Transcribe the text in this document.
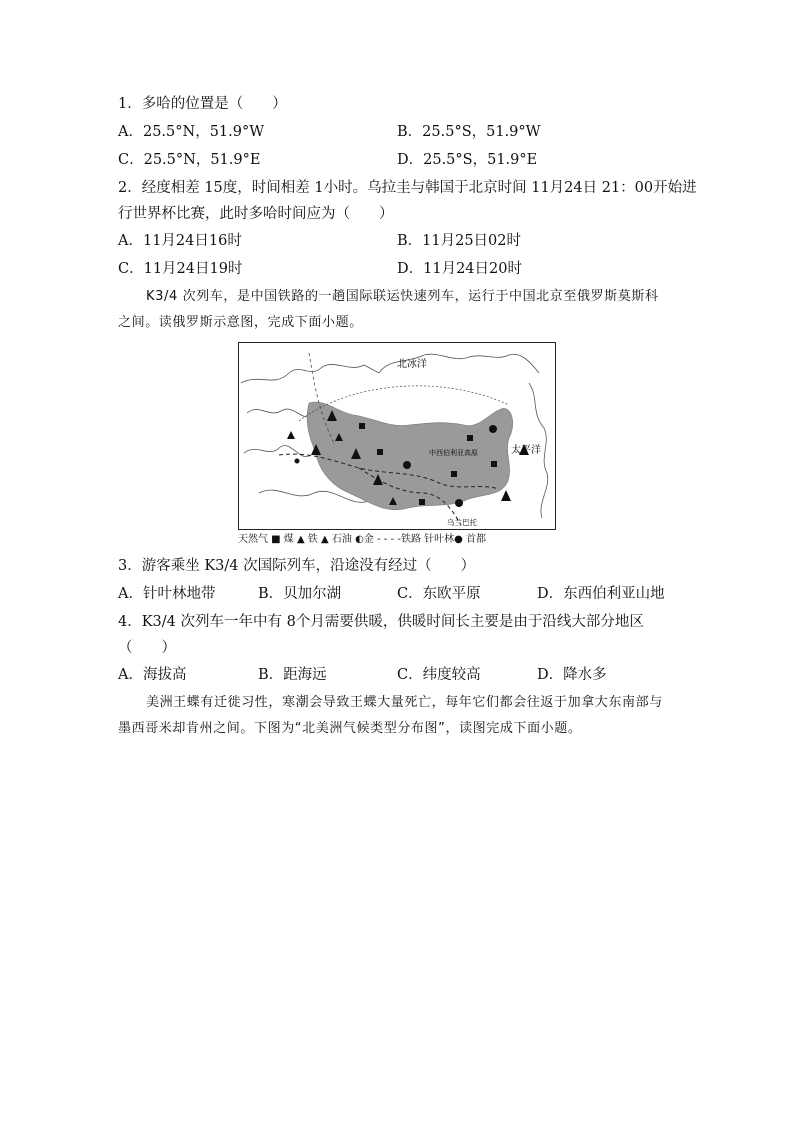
1．多哈的位置是（　　）
A．25.5°N，51.9°W	B．25.5°S，51.9°W
C．25.5°N，51.9°E	D．25.5°S，51.9°E
2．经度相差 15度，时间相差 1小时。乌拉圭与韩国于北京时间 11月24日 21：00开始进
行世界杯比赛，此时多哈时间应为（　　）
A．11月24日16时	B．11月25日02时
C．11月24日19时	D．11月24日20时
K3/4 次列车，是中国铁路的一趟国际联运快速列车，运行于中国北京至俄罗斯莫斯科
之间。读俄罗斯示意图，完成下面小题。
北冰洋
太平洋
中西伯利亚高原
乌兰巴托
天然气 ■ 煤 ▲ 铁 ▲ 石油 ◐金 - - - -铁路 针叶林● 首都
3．游客乘坐 K3/4 次国际列车，沿途没有经过（　　）
A．针叶林地带	B．贝加尔湖	C．东欧平原	D．东西伯利亚山地
4．K3/4 次列车一年中有 8个月需要供暖，供暖时间长主要是由于沿线大部分地区
（　　）
A．海拔高	B．距海远	C．纬度较高	D．降水多
美洲王蝶有迁徙习性，寒潮会导致王蝶大量死亡，每年它们都会往返于加拿大东南部与
墨西哥米却肯州之间。下图为“北美洲气候类型分布图”，读图完成下面小题。
